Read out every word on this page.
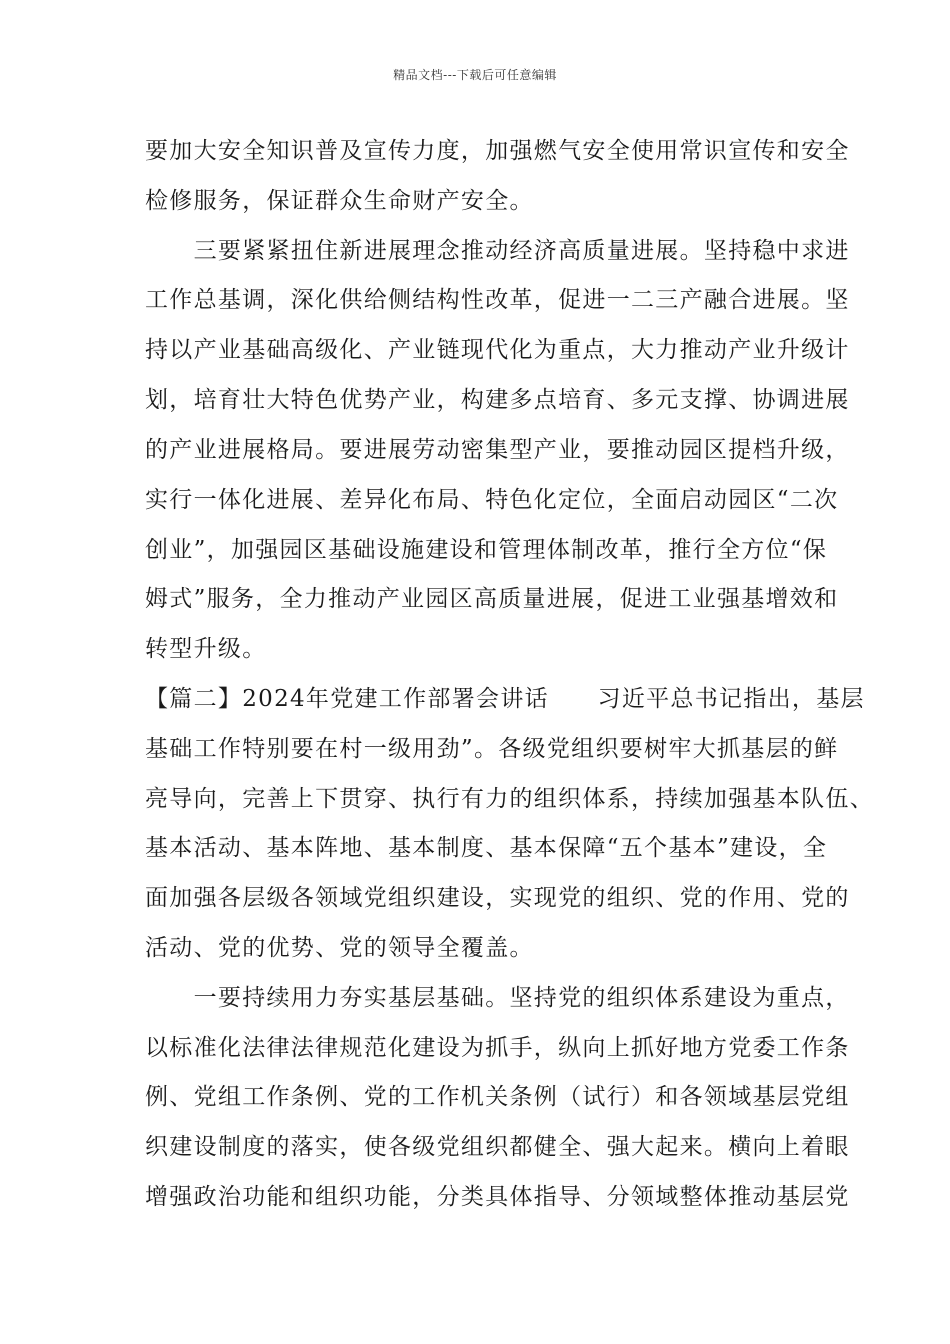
精品文档---下载后可任意编辑
要加大安全知识普及宣传力度，加强燃气安全使用常识宣传和安全
检修服务，保证群众生命财产安全。
　　三要紧紧扭住新进展理念推动经济高质量进展。坚持稳中求进
工作总基调，深化供给侧结构性改革，促进一二三产融合进展。坚
持以产业基础高级化、产业链现代化为重点，大力推动产业升级计
划，培育壮大特色优势产业，构建多点培育、多元支撑、协调进展
的产业进展格局。要进展劳动密集型产业，要推动园区提档升级，
实行一体化进展、差异化布局、特色化定位，全面启动园区“二次
创业”，加强园区基础设施建设和管理体制改革，推行全方位“保
姆式”服务，全力推动产业园区高质量进展，促进工业强基增效和
转型升级。
【篇二】2024年党建工作部署会讲话　　习近平总书记指出，基层
基础工作特别要在村一级用劲”。各级党组织要树牢大抓基层的鲜
亮导向，完善上下贯穿、执行有力的组织体系，持续加强基本队伍、
基本活动、基本阵地、基本制度、基本保障“五个基本”建设，全
面加强各层级各领域党组织建设，实现党的组织、党的作用、党的
活动、党的优势、党的领导全覆盖。
　　一要持续用力夯实基层基础。坚持党的组织体系建设为重点，
以标准化法律法律规范化建设为抓手，纵向上抓好地方党委工作条
例、党组工作条例、党的工作机关条例（试行）和各领域基层党组
织建设制度的落实，使各级党组织都健全、强大起来。横向上着眼
增强政治功能和组织功能，分类具体指导、分领域整体推动基层党
